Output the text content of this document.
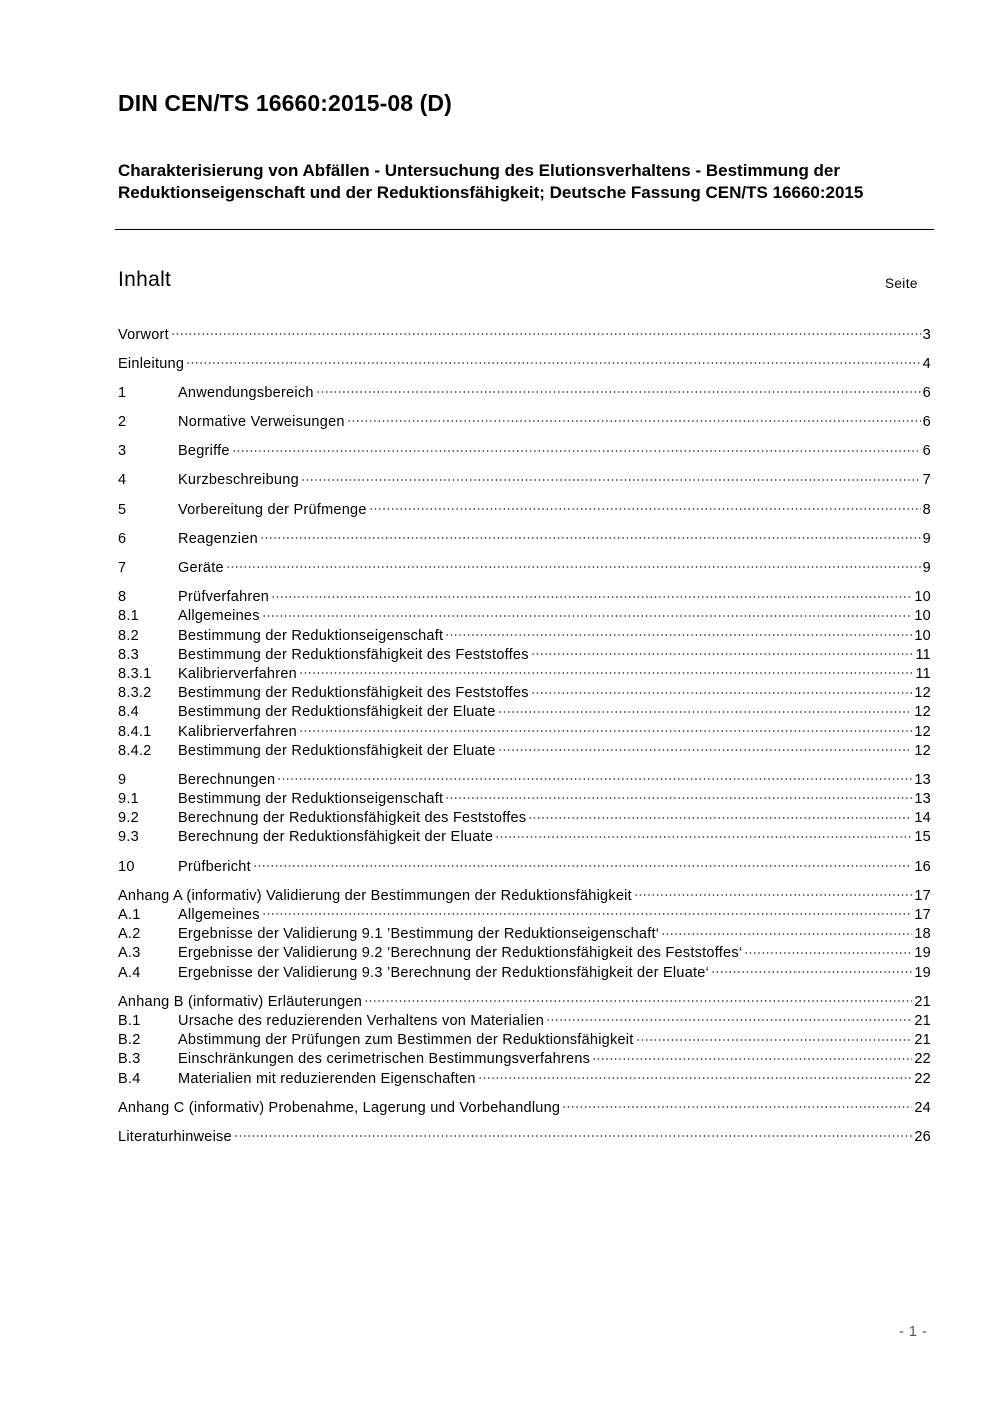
DIN CEN/TS 16660:2015-08 (D)
Charakterisierung von Abfällen - Untersuchung des Elutionsverhaltens - Bestimmung der Reduktionseigenschaft und der Reduktionsfähigkeit; Deutsche Fassung CEN/TS 16660:2015
Inhalt	Seite
Vorwort	3
Einleitung	4
1	Anwendungsbereich	6
2	Normative Verweisungen	6
3	Begriffe	6
4	Kurzbeschreibung	7
5	Vorbereitung der Prüfmenge	8
6	Reagenzien	9
7	Geräte	9
8	Prüfverfahren	10
8.1	Allgemeines	10
8.2	Bestimmung der Reduktionseigenschaft	10
8.3	Bestimmung der Reduktionsfähigkeit des Feststoffes	11
8.3.1	Kalibrierverfahren	11
8.3.2	Bestimmung der Reduktionsfähigkeit des Feststoffes	12
8.4	Bestimmung der Reduktionsfähigkeit der Eluate	12
8.4.1	Kalibrierverfahren	12
8.4.2	Bestimmung der Reduktionsfähigkeit der Eluate	12
9	Berechnungen	13
9.1	Bestimmung der Reduktionseigenschaft	13
9.2	Berechnung der Reduktionsfähigkeit des Feststoffes	14
9.3	Berechnung der Reduktionsfähigkeit der Eluate	15
10	Prüfbericht	16
Anhang A (informativ) Validierung der Bestimmungen der Reduktionsfähigkeit	17
A.1	Allgemeines	17
A.2	Ergebnisse der Validierung 9.1 ’Bestimmung der Reduktionseigenschaft‘	18
A.3	Ergebnisse der Validierung 9.2 ’Berechnung der Reduktionsfähigkeit des Feststoffes‘	19
A.4	Ergebnisse der Validierung 9.3 ’Berechnung der Reduktionsfähigkeit der Eluate‘	19
Anhang B (informativ) Erläuterungen	21
B.1	Ursache des reduzierenden Verhaltens von Materialien	21
B.2	Abstimmung der Prüfungen zum Bestimmen der Reduktionsfähigkeit	21
B.3	Einschränkungen des cerimetrischen Bestimmungsverfahrens	22
B.4	Materialien mit reduzierenden Eigenschaften	22
Anhang C (informativ) Probenahme, Lagerung und Vorbehandlung	24
Literaturhinweise	26
- 1 -
